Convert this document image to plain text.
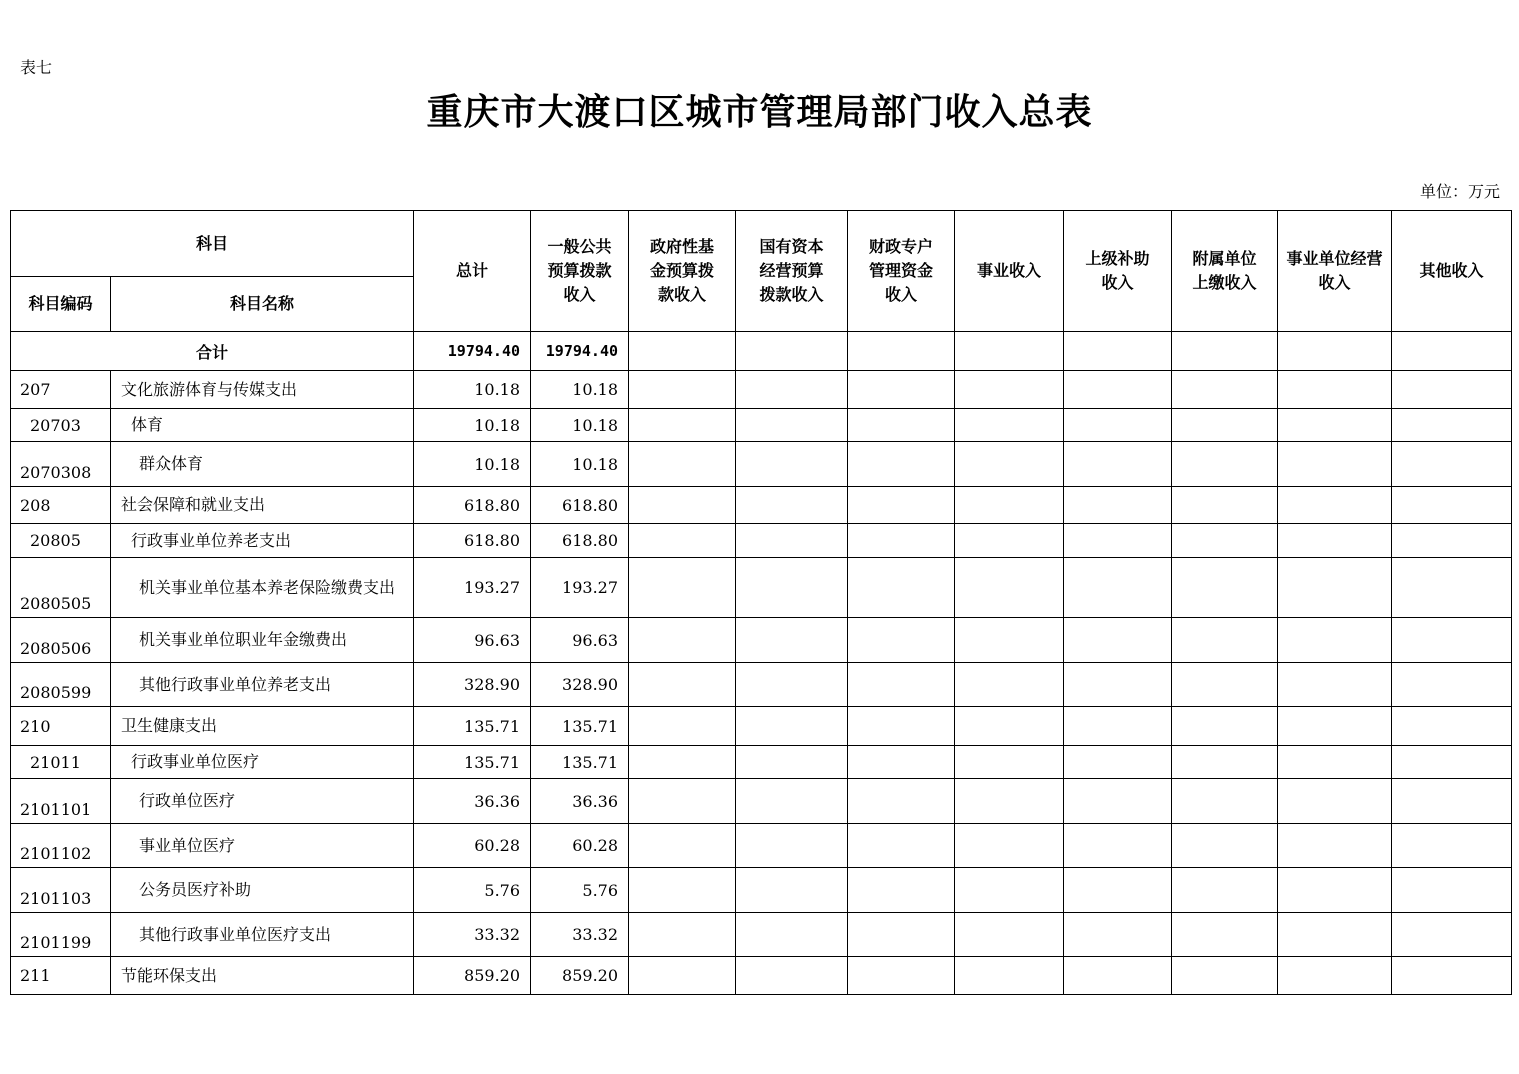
表七
重庆市大渡口区城市管理局部门收入总表
单位：万元
科目		总计	一般公共预算拨款收入	政府性基金预算拨款收入	国有资本经营预算拨款收入	财政专户管理资金收入	事业收入	上级补助收入	附属单位上缴收入	事业单位经营收入	其他收入
科目编码	科目名称										
合计		19794.40	19794.40								
207	文化旅游体育与传媒支出	10.18	10.18								
20703	体育	10.18	10.18								
2070308	群众体育	10.18	10.18								
208	社会保障和就业支出	618.80	618.80								
20805	行政事业单位养老支出	618.80	618.80								
2080505	机关事业单位基本养老保险缴费支出	193.27	193.27								
2080506	机关事业单位职业年金缴费出	96.63	96.63								
2080599	其他行政事业单位养老支出	328.90	328.90								
210	卫生健康支出	135.71	135.71								
21011	行政事业单位医疗	135.71	135.71								
2101101	行政单位医疗	36.36	36.36								
2101102	事业单位医疗	60.28	60.28								
2101103	公务员医疗补助	5.76	5.76								
2101199	其他行政事业单位医疗支出	33.32	33.32								
211	节能环保支出	859.20	859.20								
